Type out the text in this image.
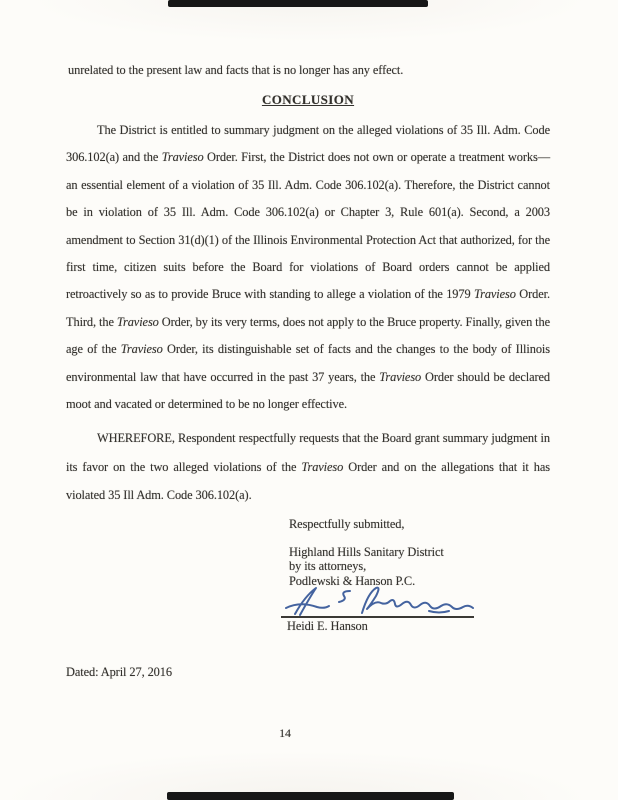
unrelated to the present law and facts that is no longer has any effect.
CONCLUSION
The District is entitled to summary judgment on the alleged violations of 35 Ill. Adm. Code 306.102(a) and the Travieso Order. First, the District does not own or operate a treatment works—an essential element of a violation of 35 Ill. Adm. Code 306.102(a). Therefore, the District cannot be in violation of 35 Ill. Adm. Code 306.102(a) or Chapter 3, Rule 601(a). Second, a 2003 amendment to Section 31(d)(1) of the Illinois Environmental Protection Act that authorized, for the first time, citizen suits before the Board for violations of Board orders cannot be applied retroactively so as to provide Bruce with standing to allege a violation of the 1979 Travieso Order. Third, the Travieso Order, by its very terms, does not apply to the Bruce property. Finally, given the age of the Travieso Order, its distinguishable set of facts and the changes to the body of Illinois environmental law that have occurred in the past 37 years, the Travieso Order should be declared moot and vacated or determined to be no longer effective.
WHEREFORE, Respondent respectfully requests that the Board grant summary judgment in its favor on the two alleged violations of the Travieso Order and on the allegations that it has violated 35 Ill Adm. Code 306.102(a).
Respectfully submitted,
Highland Hills Sanitary District
by its attorneys,
Podlewski & Hanson P.C.
Heidi E. Hanson
Dated: April 27, 2016
14
